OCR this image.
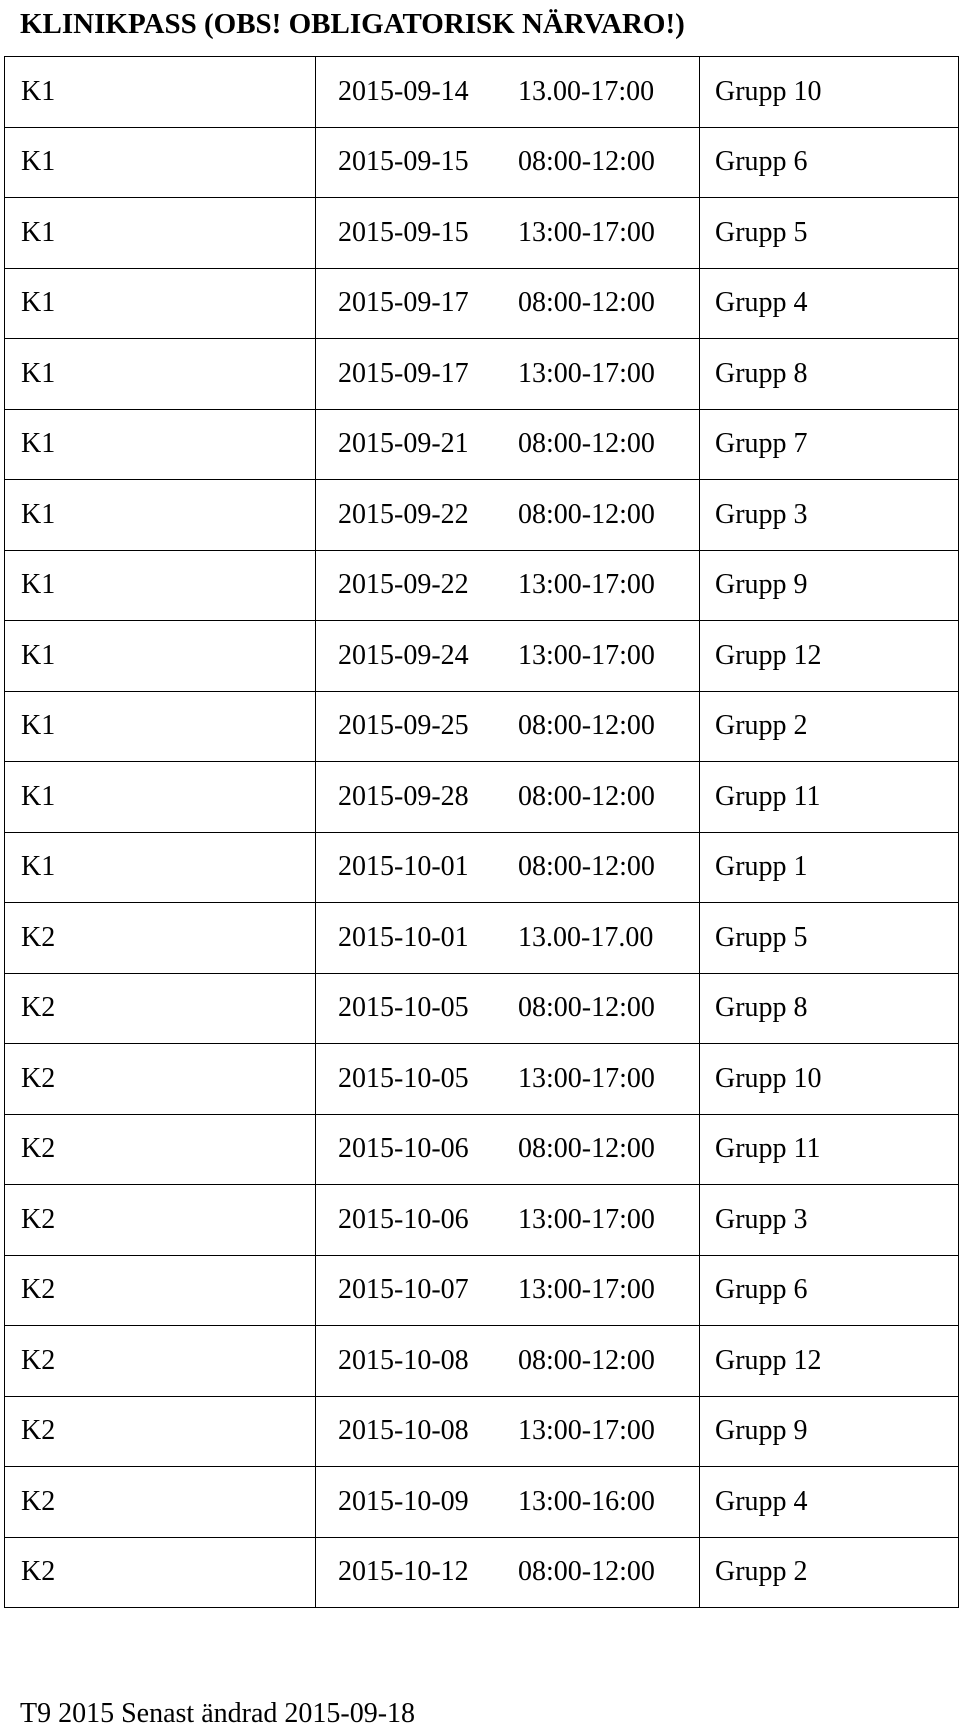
KLINIKPASS (OBS! OBLIGATORISK NÄRVARO!)
K1	2015-09-14 13.00-17:00	Grupp 10
K1	2015-09-15 08:00-12:00	Grupp 6
K1	2015-09-15 13:00-17:00	Grupp 5
K1	2015-09-17 08:00-12:00	Grupp 4
K1	2015-09-17 13:00-17:00	Grupp 8
K1	2015-09-21 08:00-12:00	Grupp 7
K1	2015-09-22 08:00-12:00	Grupp 3
K1	2015-09-22 13:00-17:00	Grupp 9
K1	2015-09-24 13:00-17:00	Grupp 12
K1	2015-09-25 08:00-12:00	Grupp 2
K1	2015-09-28 08:00-12:00	Grupp 11
K1	2015-10-01 08:00-12:00	Grupp 1
K2	2015-10-01 13.00-17.00	Grupp 5
K2	2015-10-05 08:00-12:00	Grupp 8
K2	2015-10-05 13:00-17:00	Grupp 10
K2	2015-10-06 08:00-12:00	Grupp 11
K2	2015-10-06 13:00-17:00	Grupp 3
K2	2015-10-07 13:00-17:00	Grupp 6
K2	2015-10-08 08:00-12:00	Grupp 12
K2	2015-10-08 13:00-17:00	Grupp 9
K2	2015-10-09 13:00-16:00	Grupp 4
K2	2015-10-12 08:00-12:00	Grupp 2
T9 2015 Senast ändrad 2015-09-18
